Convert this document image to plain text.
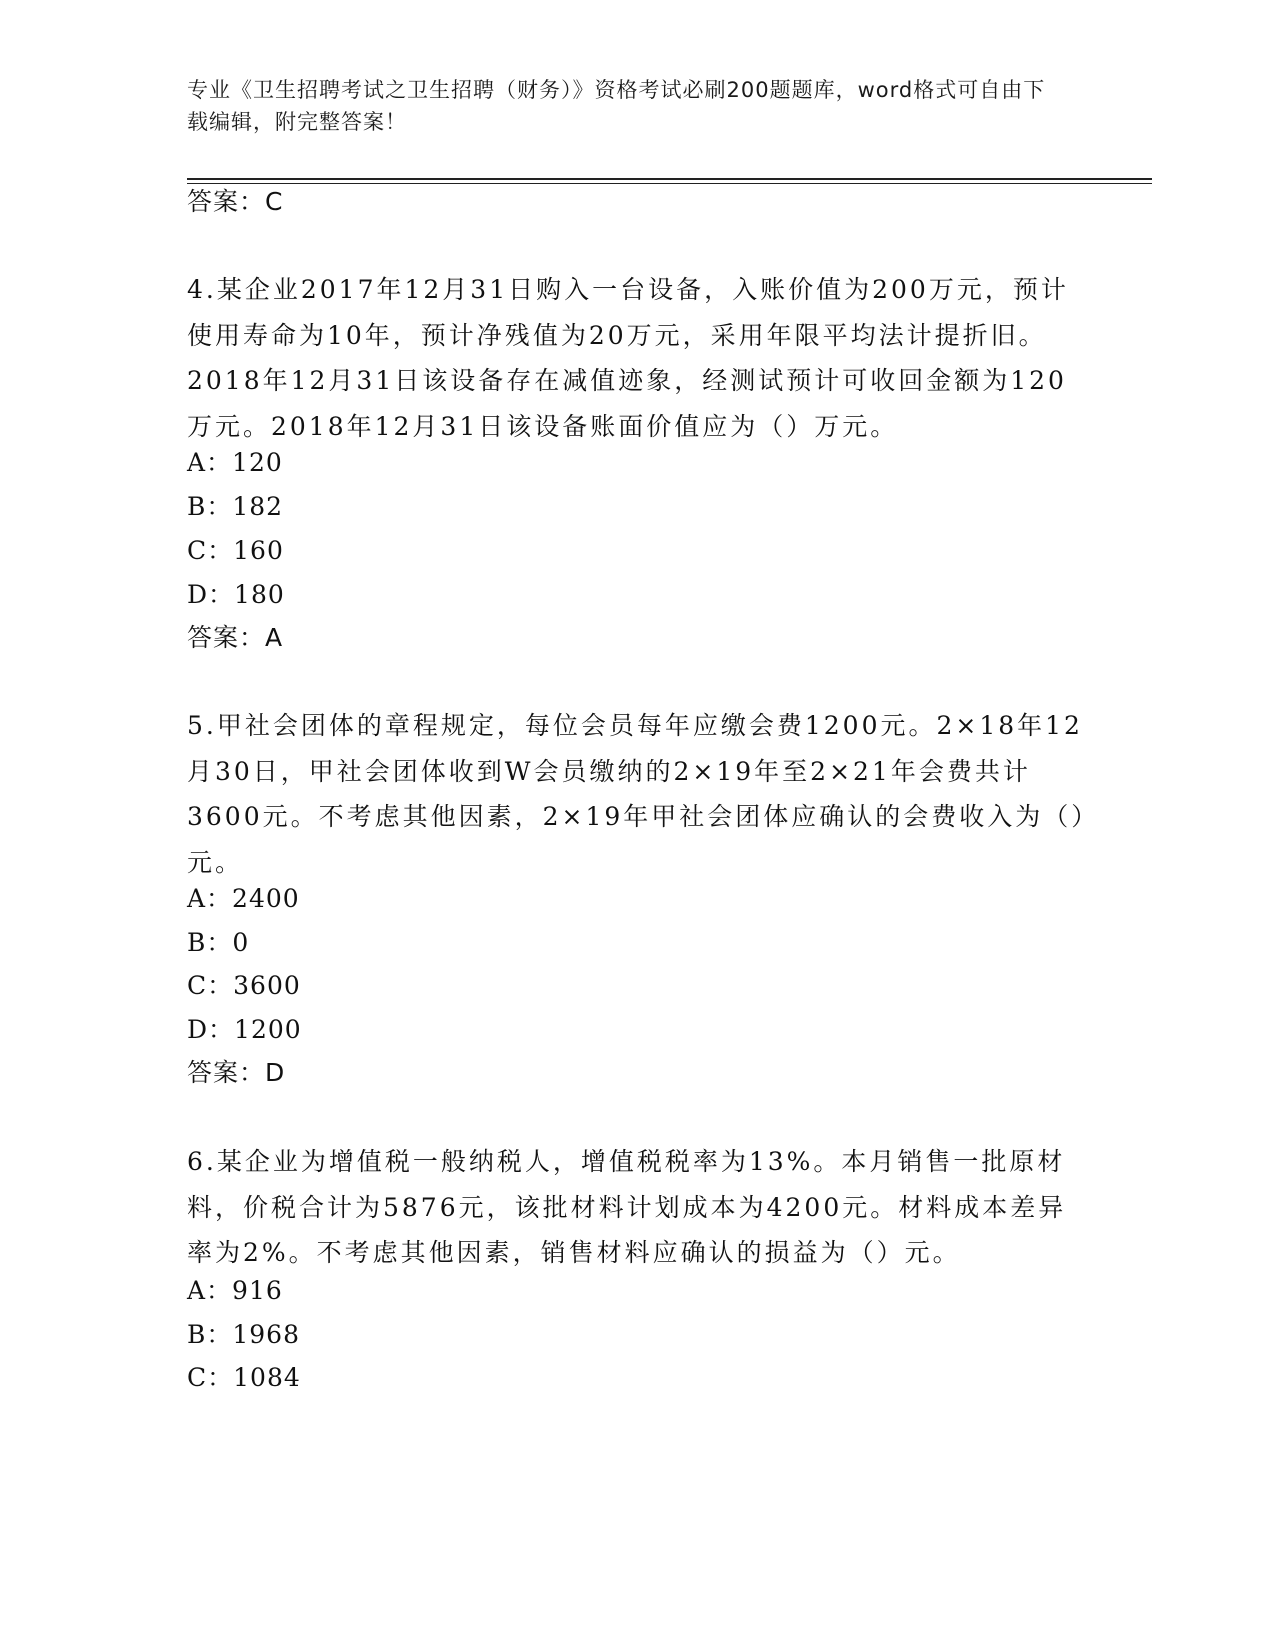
专业《卫生招聘考试之卫生招聘（财务）》资格考试必刷200题题库，word格式可自由下载编辑，附完整答案！
答案：C
4.某企业2017年12月31日购入一台设备，入账价值为200万元，预计使用寿命为10年，预计净残值为20万元，采用年限平均法计提折旧。2018年12月31日该设备存在减值迹象，经测试预计可收回金额为120万元。2018年12月31日该设备账面价值应为（）万元。
A：120
B：182
C：160
D：180
答案：A
5.甲社会团体的章程规定，每位会员每年应缴会费1200元。2×18年12月30日，甲社会团体收到W会员缴纳的2×19年至2×21年会费共计3600元。不考虑其他因素，2×19年甲社会团体应确认的会费收入为（）元。
A：2400
B：0
C：3600
D：1200
答案：D
6.某企业为增值税一般纳税人，增值税税率为13%。本月销售一批原材料，价税合计为5876元，该批材料计划成本为4200元。材料成本差异率为2%。不考虑其他因素，销售材料应确认的损益为（）元。
A：916
B：1968
C：1084
